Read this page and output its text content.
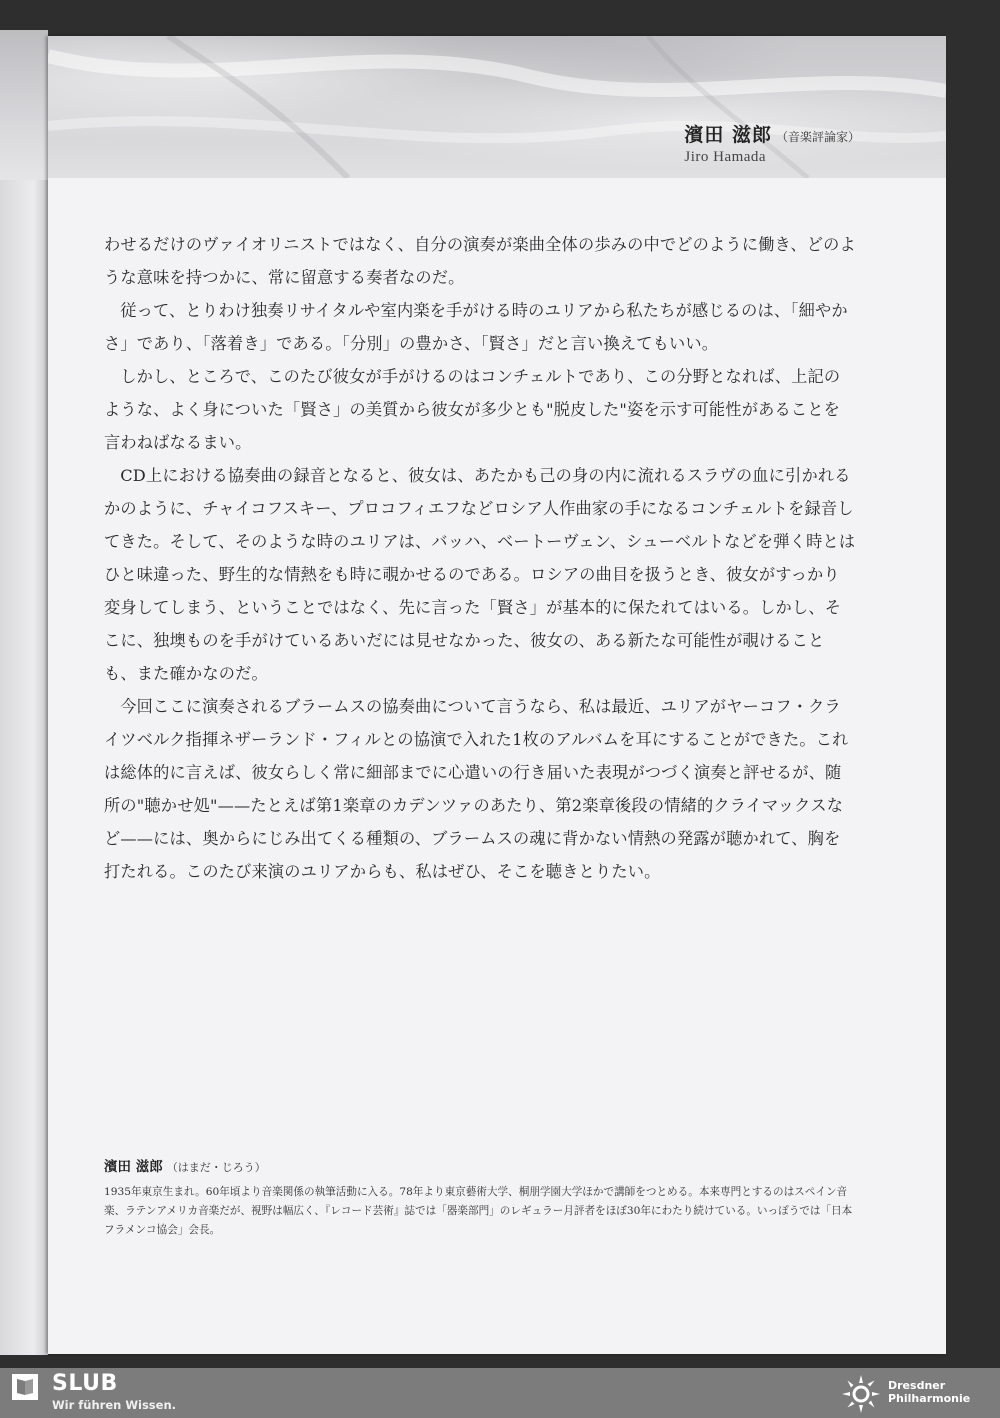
濱田 滋郎 （音楽評論家）
Jiro Hamada

わせるだけのヴァイオリニストではなく、自分の演奏が楽曲全体の歩みの中でどのように働き、どのような意味を持つかに、常に留意する奏者なのだ。

従って、とりわけ独奏リサイタルや室内楽を手がける時のユリアから私たちが感じるのは、「細やかさ」であり、「落着き」である。「分別」の豊かさ、「賢さ」だと言い換えてもいい。

しかし、ところで、このたび彼女が手がけるのはコンチェルトであり、この分野となれば、上記のような、よく身についた「賢さ」の美質から彼女が多少とも"脱皮した"姿を示す可能性があることを言わねばなるまい。

CD上における協奏曲の録音となると、彼女は、あたかも己の身の内に流れるスラヴの血に引かれるかのように、チャイコフスキー、プロコフィエフなどロシア人作曲家の手になるコンチェルトを録音してきた。そして、そのような時のユリアは、バッハ、ベートーヴェン、シューベルトなどを弾く時とはひと味違った、野生的な情熱をも時に覗かせるのである。ロシアの曲目を扱うとき、彼女がすっかり変身してしまう、ということではなく、先に言った「賢さ」が基本的に保たれてはいる。しかし、そこに、独墺ものを手がけているあいだには見せなかった、彼女の、ある新たな可能性が覗けることも、また確かなのだ。

今回ここに演奏されるブラームスの協奏曲について言うなら、私は最近、ユリアがヤーコフ・クライツベルク指揮ネザーランド・フィルとの協演で入れた1枚のアルバムを耳にすることができた。これは総体的に言えば、彼女らしく常に細部までに心遣いの行き届いた表現がつづく演奏と評せるが、随所の"聴かせ処"——たとえば第1楽章のカデンツァのあたり、第2楽章後段の情緒的クライマックスなど——には、奥からにじみ出てくる種類の、ブラームスの魂に背かない情熱の発露が聴かれて、胸を打たれる。このたび来演のユリアからも、私はぜひ、そこを聴きとりたい。

濱田 滋郎 （はまだ・じろう）
1935年東京生まれ。60年頃より音楽関係の執筆活動に入る。78年より東京藝術大学、桐朋学園大学ほかで講師をつとめる。本来専門とするのはスペイン音楽、ラテンアメリカ音楽だが、視野は幅広く、『レコード芸術』誌では「器楽部門」のレギュラー月評者をほぼ30年にわたり続けている。いっぽうでは「日本フラメンコ協会」会長。
SLUB
Wir führen Wissen.
Dresdner
Philharmonie
